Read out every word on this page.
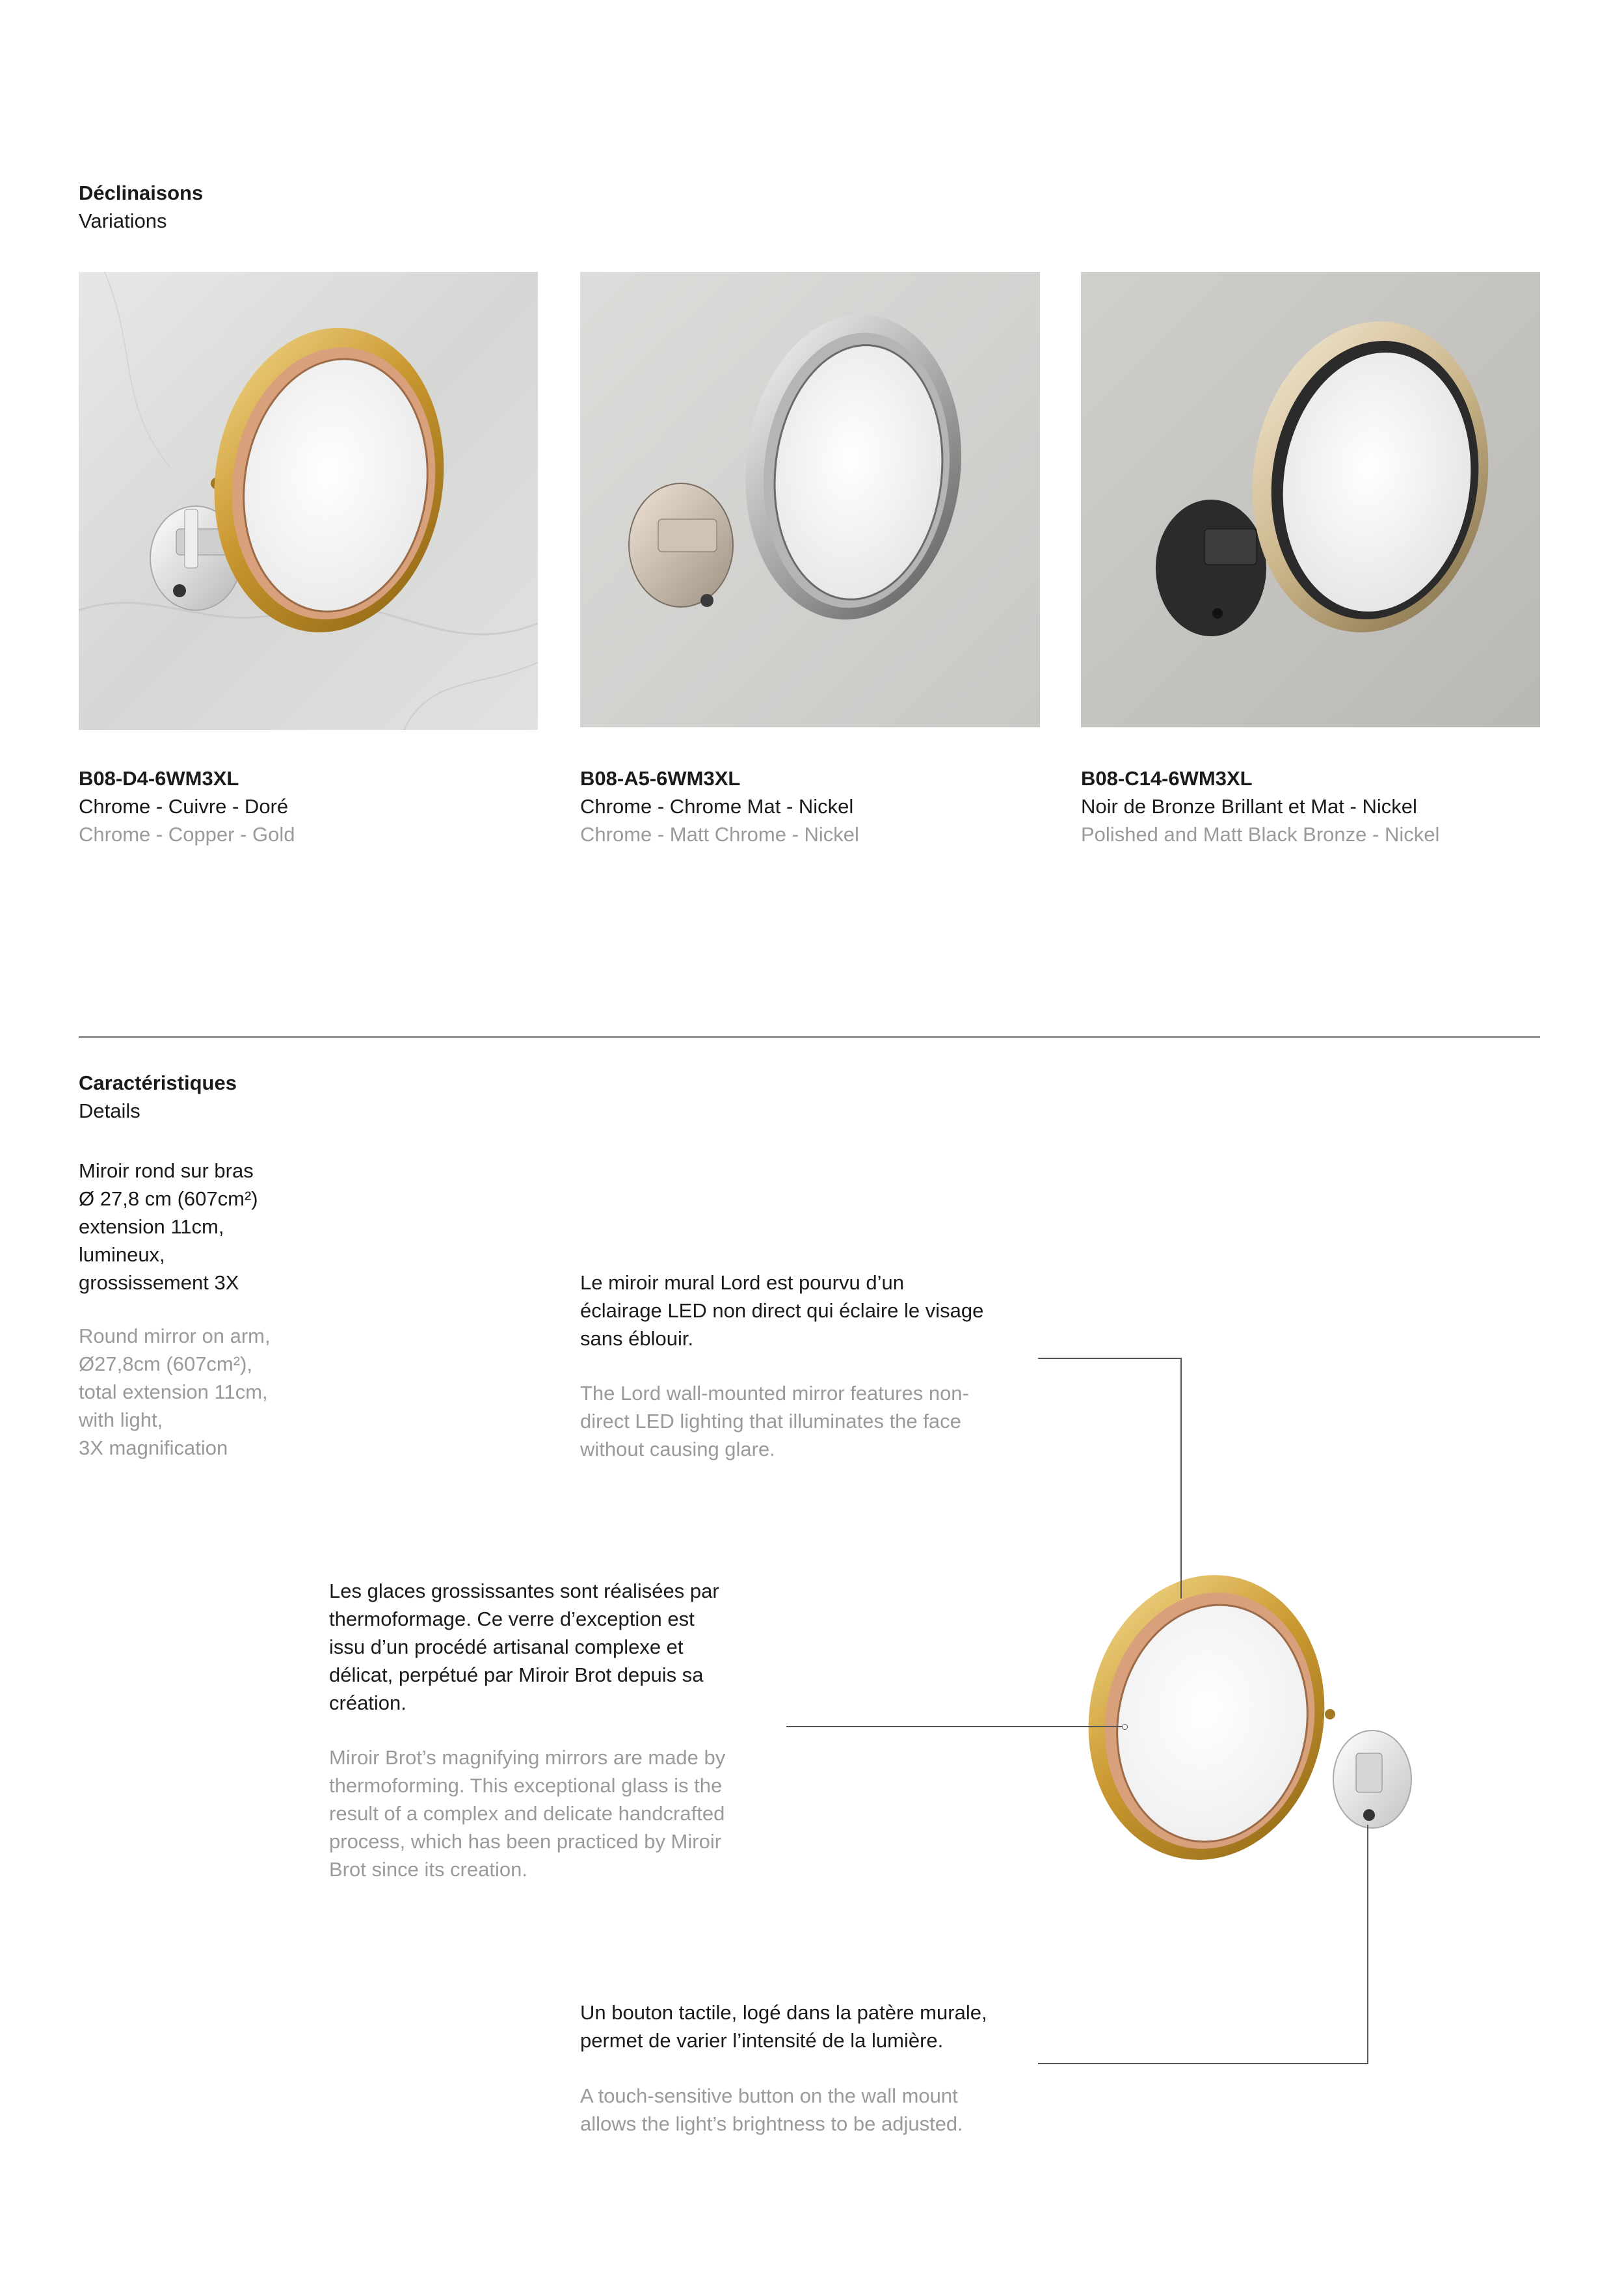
Déclinaisons
Variations
B08-D4-6WM3XL
Chrome - Cuivre - Doré
Chrome - Copper - Gold
B08-A5-6WM3XL
Chrome - Chrome Mat - Nickel
Chrome - Matt Chrome - Nickel
B08-C14-6WM3XL
Noir de Bronze Brillant et Mat - Nickel
Polished and Matt Black Bronze - Nickel
Caractéristiques
Details
Miroir rond sur bras
Ø 27,8 cm (607cm²)
extension 11cm,
lumineux,
grossissement 3X
Round mirror on arm,
Ø27,8cm (607cm²),
total extension 11cm,
with light,
3X magnification
Le miroir mural Lord est pourvu d’un
éclairage LED non direct qui éclaire le visage
sans éblouir.
The Lord wall-mounted mirror features non-
direct LED lighting that illuminates the face
without causing glare.
Les glaces grossissantes sont réalisées par
thermoformage. Ce verre d’exception est
issu d’un procédé artisanal complexe et
délicat, perpétué par Miroir Brot depuis sa
création.
Miroir Brot’s magnifying mirrors are made by
thermoforming. This exceptional glass is the
result of a complex and delicate handcrafted
process, which has been practiced by Miroir
Brot since its creation.
Un bouton tactile, logé dans la patère murale,
permet de varier l’intensité de la lumière.
A touch-sensitive button on the wall mount
allows the light’s brightness to be adjusted.
